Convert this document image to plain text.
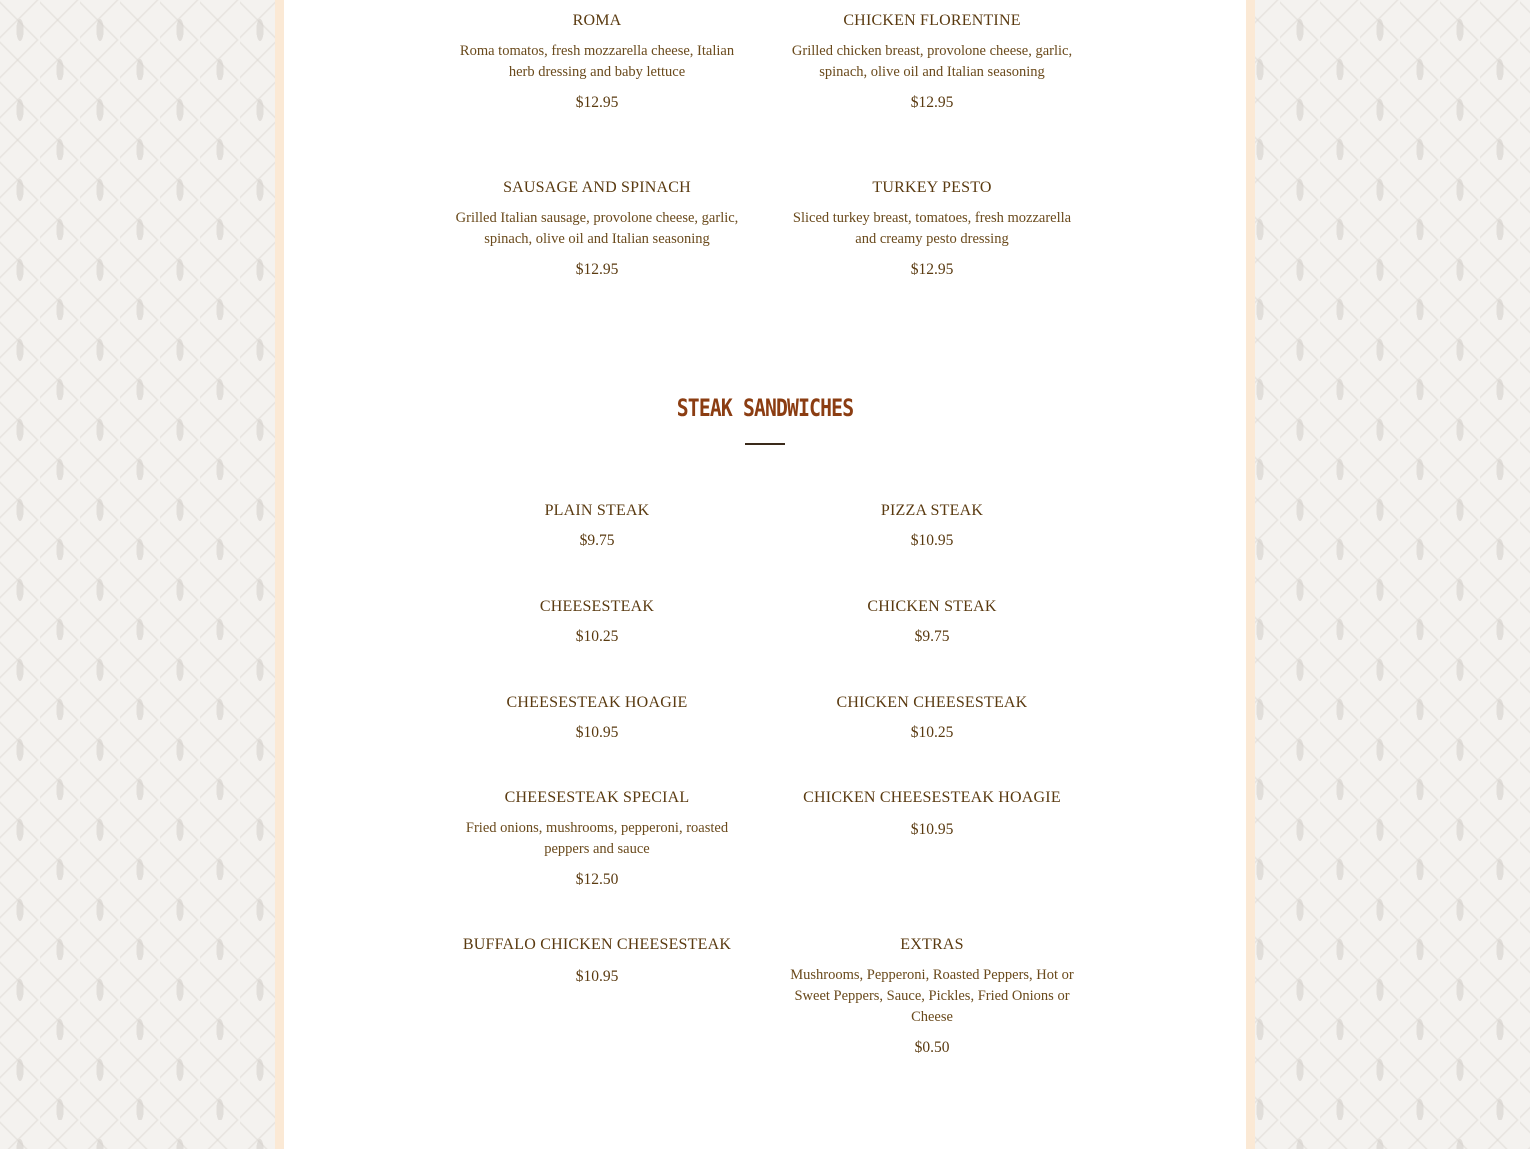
ROMA

Roma tomatos, fresh mozzarella cheese, Italian herb dressing and baby lettuce

$12.95

CHICKEN FLORENTINE

Grilled chicken breast, provolone cheese, garlic, spinach, olive oil and Italian seasoning

$12.95

SAUSAGE AND SPINACH

Grilled Italian sausage, provolone cheese, garlic, spinach, olive oil and Italian seasoning

$12.95

TURKEY PESTO

Sliced turkey breast, tomatoes, fresh mozzarella and creamy pesto dressing

$12.95

STEAK SANDWICHES

PLAIN STEAK

$9.75

PIZZA STEAK

$10.95

CHEESESTEAK

$10.25

CHICKEN STEAK

$9.75

CHEESESTEAK HOAGIE

$10.95

CHICKEN CHEESESTEAK

$10.25

CHEESESTEAK SPECIAL

Fried onions, mushrooms, pepperoni, roasted peppers and sauce

$12.50

CHICKEN CHEESESTEAK HOAGIE

$10.95

BUFFALO CHICKEN CHEESESTEAK

$10.95

EXTRAS

Mushrooms, Pepperoni, Roasted Peppers, Hot or Sweet Peppers, Sauce, Pickles, Fried Onions or Cheese

$0.50
